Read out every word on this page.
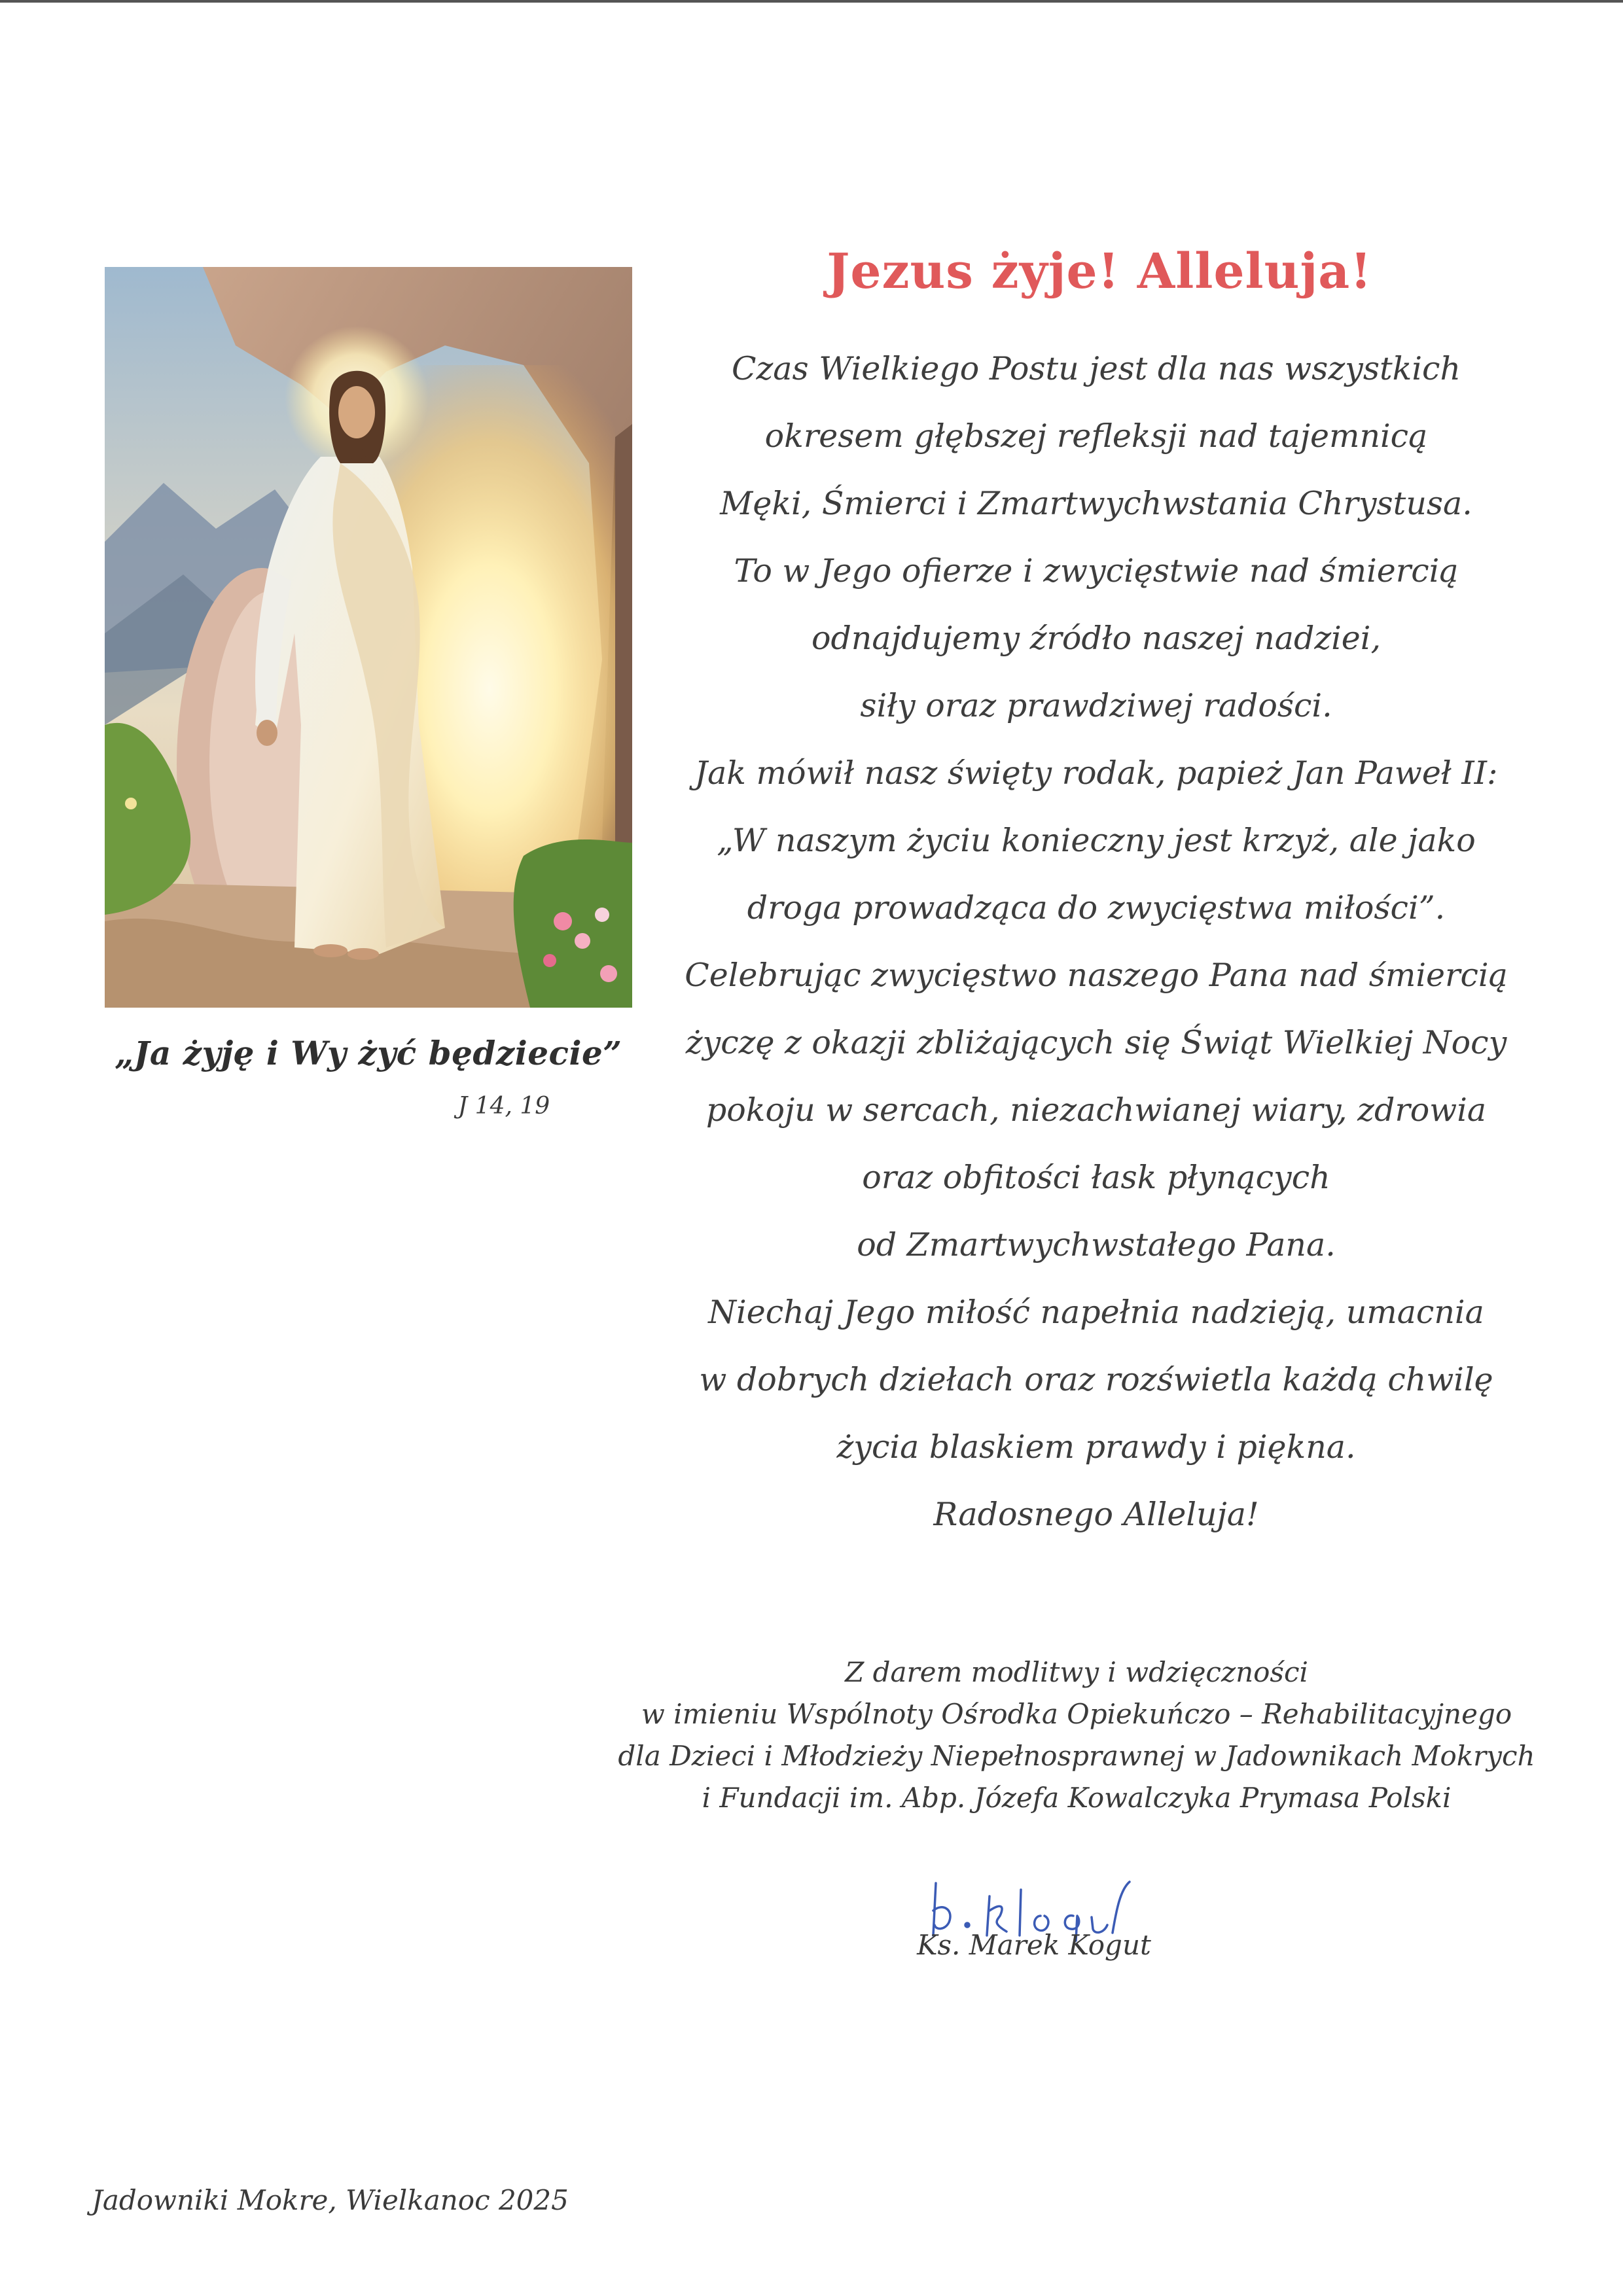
„Ja żyję i Wy żyć będziecie”
J 14, 19
Jezus żyje! Alleluja!
Czas Wielkiego Postu jest dla nas wszystkich
okresem głębszej refleksji nad tajemnicą
Męki, Śmierci i Zmartwychwstania Chrystusa.
To w Jego ofierze i zwycięstwie nad śmiercią
odnajdujemy źródło naszej nadziei,
siły oraz prawdziwej radości.
Jak mówił nasz święty rodak, papież Jan Paweł II:
„W naszym życiu konieczny jest krzyż, ale jako
droga prowadząca do zwycięstwa miłości”.
Celebrując zwycięstwo naszego Pana nad śmiercią
życzę z okazji zbliżających się Świąt Wielkiej Nocy
pokoju w sercach, niezachwianej wiary, zdrowia
oraz obfitości łask płynących
od Zmartwychwstałego Pana.
Niechaj Jego miłość napełnia nadzieją, umacnia
w dobrych dziełach oraz rozświetla każdą chwilę
życia blaskiem prawdy i piękna.
Radosnego Alleluja!
Z darem modlitwy i wdzięczności
w imieniu Wspólnoty Ośrodka Opiekuńczo – Rehabilitacyjnego
dla Dzieci i Młodzieży Niepełnosprawnej w Jadownikach Mokrych
i Fundacji im. Abp. Józefa Kowalczyka Prymasa Polski
Ks. Marek Kogut
Jadowniki Mokre, Wielkanoc 2025
